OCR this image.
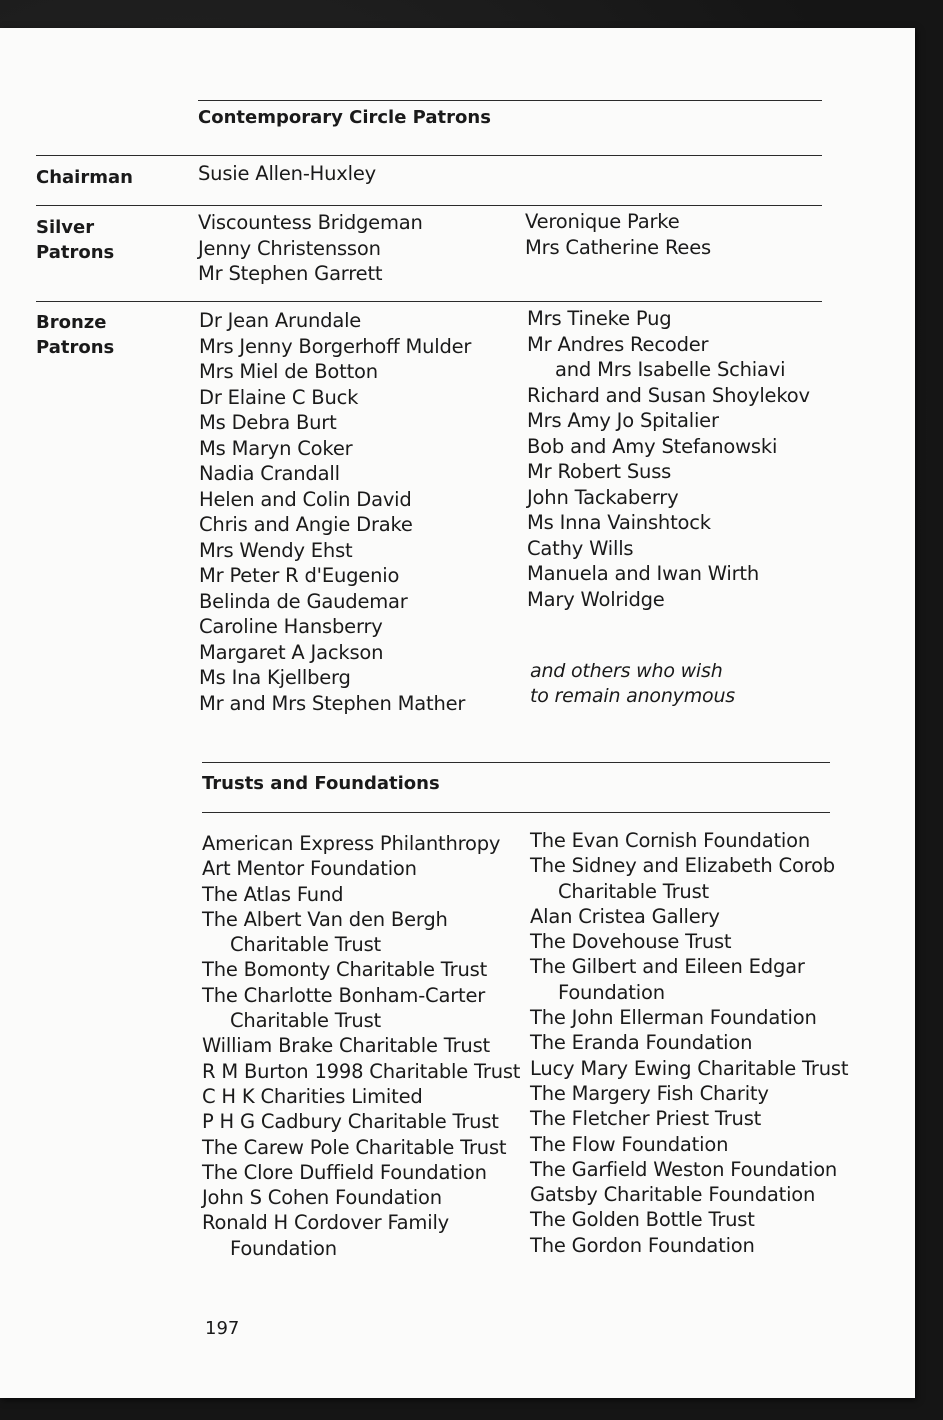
Contemporary Circle Patrons
Chairman	Susie Allen-Huxley
Silver
Patrons
Viscountess Bridgeman
Jenny Christensson
Mr Stephen Garrett
Veronique Parke
Mrs Catherine Rees
Bronze
Patrons
Dr Jean Arundale
Mrs Jenny Borgerhoff Mulder
Mrs Miel de Botton
Dr Elaine C Buck
Ms Debra Burt
Ms Maryn Coker
Nadia Crandall
Helen and Colin David
Chris and Angie Drake
Mrs Wendy Ehst
Mr Peter R d'Eugenio
Belinda de Gaudemar
Caroline Hansberry
Margaret A Jackson
Ms Ina Kjellberg
Mr and Mrs Stephen Mather
Mrs Tineke Pug
Mr Andres Recoder
and Mrs Isabelle Schiavi
Richard and Susan Shoylekov
Mrs Amy Jo Spitalier
Bob and Amy Stefanowski
Mr Robert Suss
John Tackaberry
Ms Inna Vainshtock
Cathy Wills
Manuela and Iwan Wirth
Mary Wolridge
and others who wish
to remain anonymous
Trusts and Foundations
American Express Philanthropy
Art Mentor Foundation
The Atlas Fund
The Albert Van den Bergh
Charitable Trust
The Bomonty Charitable Trust
The Charlotte Bonham-Carter
Charitable Trust
William Brake Charitable Trust
R M Burton 1998 Charitable Trust
C H K Charities Limited
P H G Cadbury Charitable Trust
The Carew Pole Charitable Trust
The Clore Duffield Foundation
John S Cohen Foundation
Ronald H Cordover Family
Foundation
The Evan Cornish Foundation
The Sidney and Elizabeth Corob
Charitable Trust
Alan Cristea Gallery
The Dovehouse Trust
The Gilbert and Eileen Edgar
Foundation
The John Ellerman Foundation
The Eranda Foundation
Lucy Mary Ewing Charitable Trust
The Margery Fish Charity
The Fletcher Priest Trust
The Flow Foundation
The Garfield Weston Foundation
Gatsby Charitable Foundation
The Golden Bottle Trust
The Gordon Foundation
197
